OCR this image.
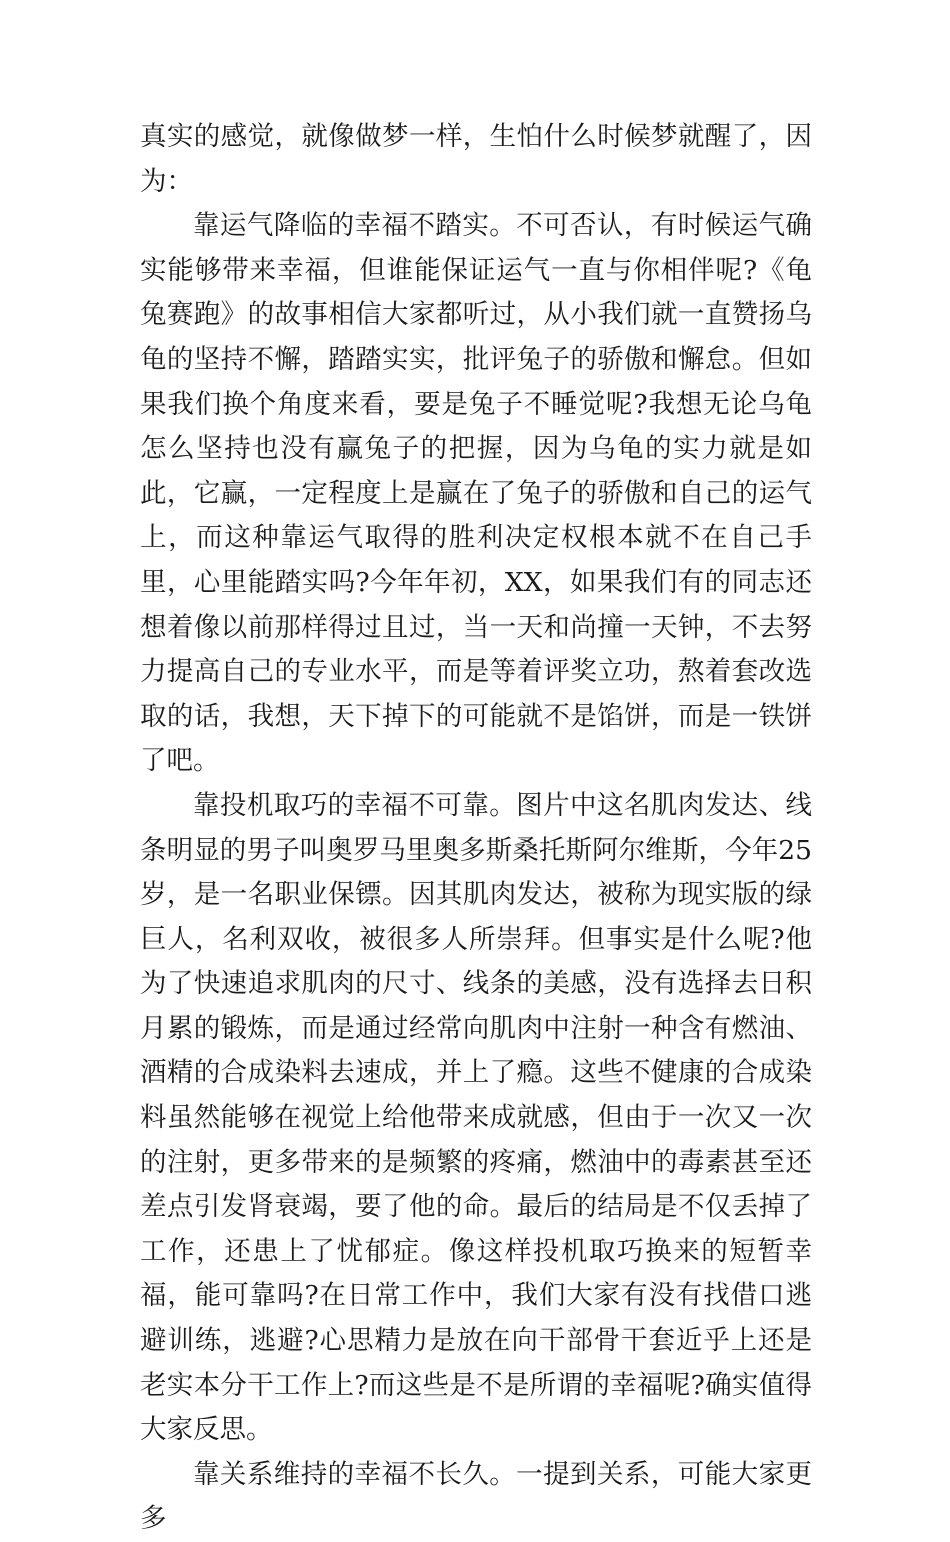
真实的感觉，就像做梦一样，生怕什么时候梦就醒了，因为：

靠运气降临的幸福不踏实。不可否认，有时候运气确实能够带来幸福，但谁能保证运气一直与你相伴呢?《龟兔赛跑》的故事相信大家都听过，从小我们就一直赞扬乌龟的坚持不懈，踏踏实实，批评兔子的骄傲和懈怠。但如果我们换个角度来看，要是兔子不睡觉呢?我想无论乌龟怎么坚持也没有赢兔子的把握，因为乌龟的实力就是如此，它赢，一定程度上是赢在了兔子的骄傲和自己的运气上，而这种靠运气取得的胜利决定权根本就不在自己手里，心里能踏实吗?今年年初，XX，如果我们有的同志还想着像以前那样得过且过，当一天和尚撞一天钟，不去努力提高自己的专业水平，而是等着评奖立功，熬着套改选取的话，我想，天下掉下的可能就不是馅饼，而是一铁饼了吧。

靠投机取巧的幸福不可靠。图片中这名肌肉发达、线条明显的男子叫奥罗马里奥多斯桑托斯阿尔维斯，今年25岁，是一名职业保镖。因其肌肉发达，被称为现实版的绿巨人，名利双收，被很多人所崇拜。但事实是什么呢?他为了快速追求肌肉的尺寸、线条的美感，没有选择去日积月累的锻炼，而是通过经常向肌肉中注射一种含有燃油、酒精的合成染料去速成，并上了瘾。这些不健康的合成染料虽然能够在视觉上给他带来成就感，但由于一次又一次的注射，更多带来的是频繁的疼痛，燃油中的毒素甚至还差点引发肾衰竭，要了他的命。最后的结局是不仅丢掉了工作，还患上了忧郁症。像这样投机取巧换来的短暂幸福，能可靠吗?在日常工作中，我们大家有没有找借口逃避训练，逃避?心思精力是放在向干部骨干套近乎上还是老实本分干工作上?而这些是不是所谓的幸福呢?确实值得大家反思。

靠关系维持的幸福不长久。一提到关系，可能大家更多
